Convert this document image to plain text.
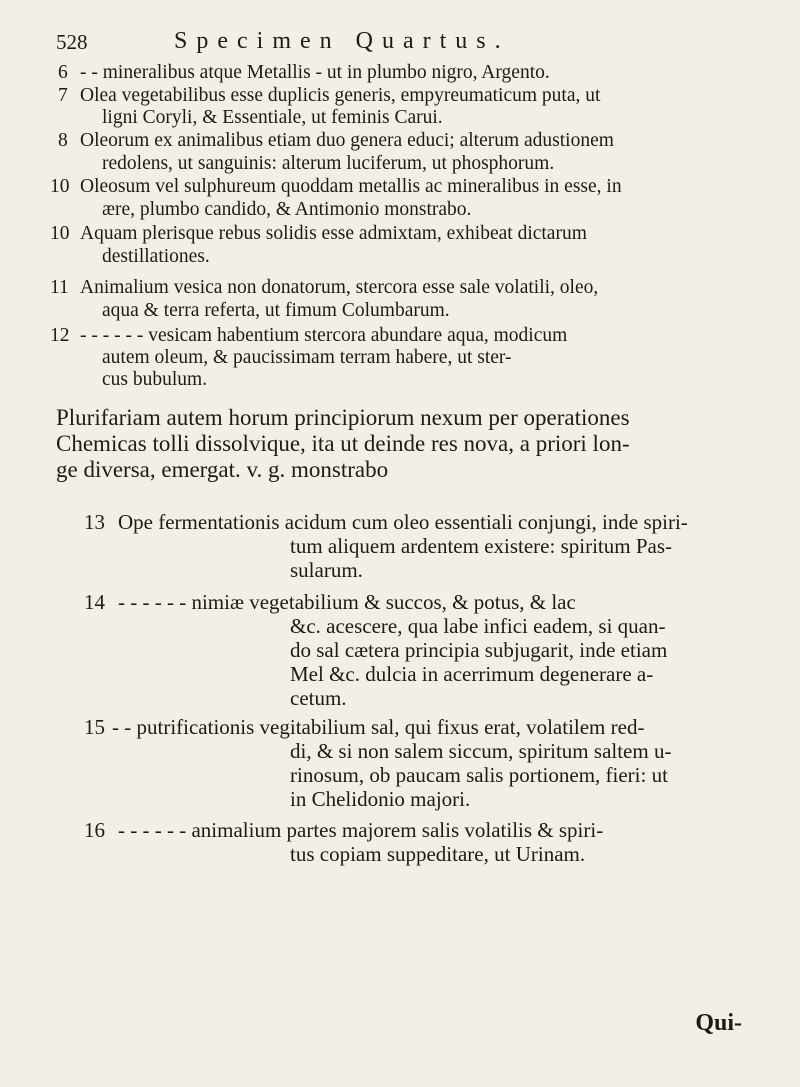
528	Specimen Quartus.
6 - - mineralibus atque Metallis - ut in plumbo nigro, Argento.
7 Olea vegetabilibus esse duplicis generis, empyreumaticum puta, ut
ligni Coryli, & Essentiale, ut feminis Carui.
8 Oleorum ex animalibus etiam duo genera educi; alterum adustionem
redolens, ut sanguinis: alterum luciferum, ut phosphorum.
10 Oleosum vel sulphureum quoddam metallis ac mineralibus in esse, in
ære, plumbo candido, & Antimonio monstrabo.
10 Aquam plerisque rebus solidis esse admixtam, exhibeat dictarum
destillationes.
11 Animalium vesica non donatorum, stercora esse sale volatili, oleo,
aqua & terra referta, ut fimum Columbarum.
12 - - - - - - vesicam habentium stercora abundare aqua, modicum
autem oleum, & paucissimam terram habere, ut ster-
cus bubulum.
Plurifariam autem horum principiorum nexum per operationes
Chemicas tolli dissolvique, ita ut deinde res nova, a priori lon-
ge diversa, emergat. v. g. monstrabo
13 Ope fermentationis acidum cum oleo essentiali conjungi, inde spiri-
tum aliquem ardentem existere: spiritum Pas-
sularum.
14 - - - - - - nimiæ vegetabilium & succos, & potus, & lac
&c. acescere, qua labe infici eadem, si quan-
do sal cætera principia subjugarit, inde etiam
Mel &c. dulcia in acerrimum degenerare a-
cetum.
15 - - putrificationis vegitabilium sal, qui fixus erat, volatilem red-
di, & si non salem siccum, spiritum saltem u-
rinosum, ob paucam salis portionem, fieri: ut
in Chelidonio majori.
16 - - - - - - animalium partes majorem salis volatilis & spiri-
tus copiam suppeditare, ut Urinam.
Qui-
